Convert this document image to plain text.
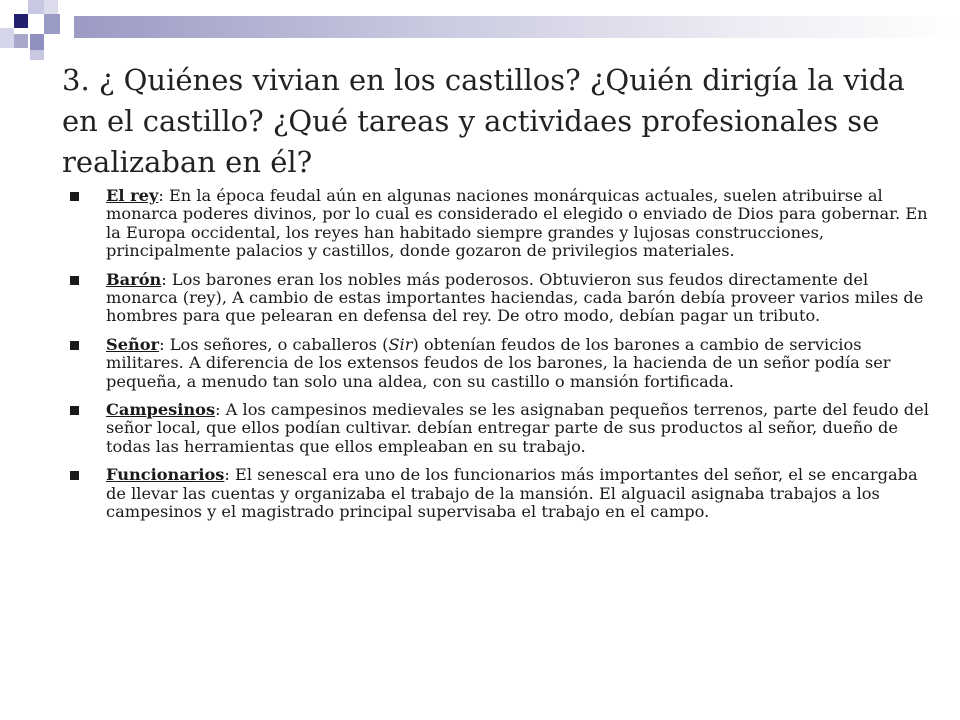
3. ¿ Quiénes vivian en los castillos? ¿Quién dirigía la vida en el castillo? ¿Qué tareas y actividaes profesionales se realizaban en él?
El rey: En la época feudal aún en algunas naciones monárquicas actuales, suelen atribuirse al monarca poderes divinos, por lo cual es considerado el elegido o enviado de Dios para gobernar. En la Europa occidental, los reyes han habitado siempre grandes y lujosas construcciones, principalmente palacios y castillos, donde gozaron de privilegios materiales.
Barón: Los barones eran los nobles más poderosos. Obtuvieron sus feudos directamente del monarca (rey), A cambio de estas importantes haciendas, cada barón debía proveer varios miles de hombres para que pelearan en defensa del rey. De otro modo, debían pagar un tributo.
Señor: Los señores, o caballeros (Sir) obtenían feudos de los barones a cambio de servicios militares. A diferencia de los extensos feudos de los barones, la hacienda de un señor podía ser pequeña, a menudo tan solo una aldea, con su castillo o mansión fortificada.
Campesinos: A los campesinos medievales se les asignaban pequeños terrenos, parte del feudo del señor local, que ellos podían cultivar. debían entregar parte de sus productos al señor, dueño de todas las herramientas que ellos empleaban en su trabajo.
Funcionarios: El senescal era uno de los funcionarios más importantes del señor, el se encargaba de llevar las cuentas y organizaba el trabajo de la mansión. El alguacil asignaba trabajos a los campesinos y el magistrado principal supervisaba el trabajo en el campo.
